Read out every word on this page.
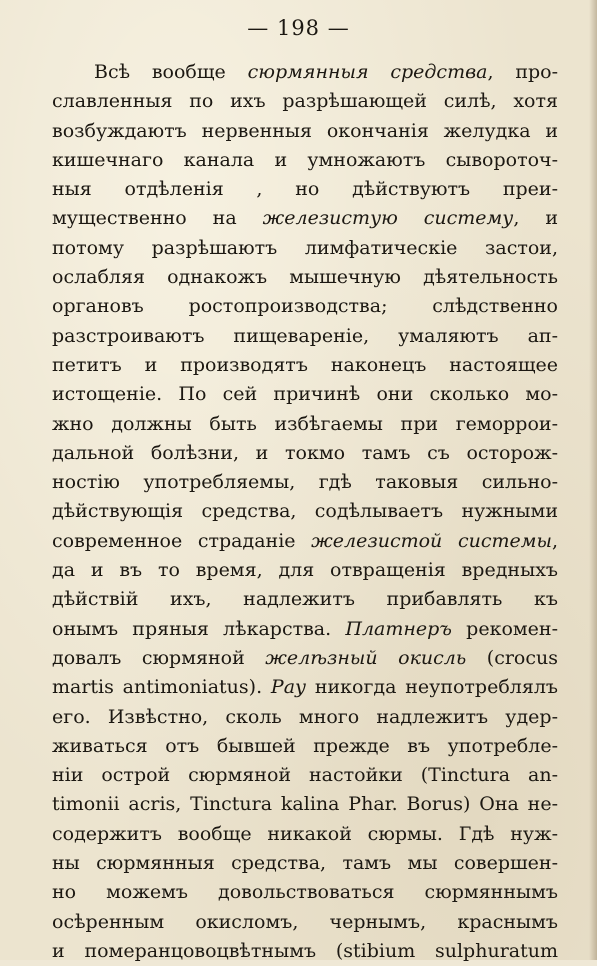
— 198 —
Всѣ вообще сюрмянныя средства, про-
славленныя по ихъ разрѣшающей силѣ, хотя
возбуждаютъ нервенныя окончанія желудка и
кишечнаго канала и умножаютъ сывороточ-
ныя отдѣленія , но дѣйствуютъ преи-
мущественно на железистую систему, и
потому разрѣшаютъ лимфатическіе застои,
ослабляя однакожъ мышечную дѣятельность
органовъ ростопроизводства; слѣдственно
разстроиваютъ пищевареніе, умаляютъ ап-
петитъ и производятъ наконецъ настоящее
истощеніе. По сей причинѣ они сколько мо-
жно должны быть избѣгаемы при геморрои-
дальной болѣзни, и токмо тамъ съ осторож-
ностію употребляемы, гдѣ таковыя сильно-
дѣйствующія средства, содѣлываетъ нужными
современное страданіе железистой системы,
да и въ то время, для отвращенія вредныхъ
дѣйствій ихъ, надлежитъ прибавлять къ
онымъ пряныя лѣкарства. Платнеръ рекомен-
довалъ сюрмяной желѣзный окисль (crocus
martis antimoniatus). Рау никогда неупотреблялъ
его. Извѣстно, сколь много надлежитъ удер-
живаться отъ бывшей прежде въ употребле-
ніи острой сюрмяной настойки (Tinctura an-
timonii acris, Tinctura kalina Phar. Borus) Она не-
содержитъ вообще никакой сюрмы. Гдѣ нуж-
ны сюрмянныя средства, тамъ мы совершен-
но можемъ довольствоваться сюрмяннымъ
осѣренным окисломъ, чернымъ, краснымъ
и померанцовоцвѣтнымъ (stibium sulphuratum
